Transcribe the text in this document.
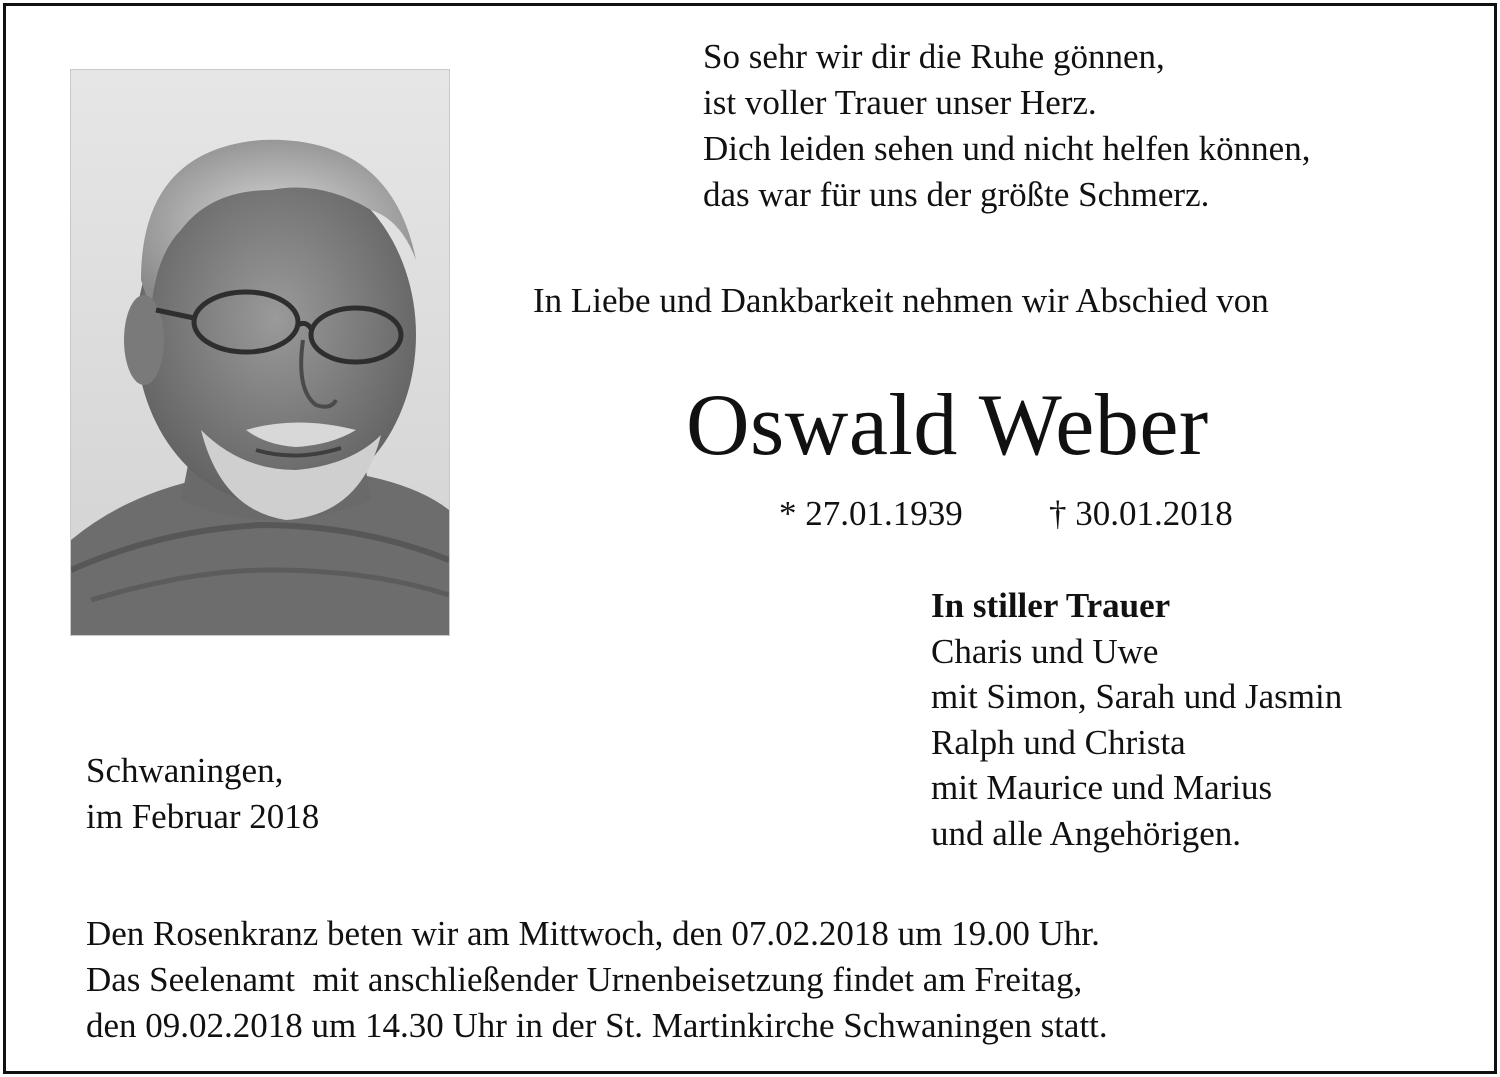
So sehr wir dir die Ruhe gönnen,
ist voller Trauer unser Herz.
Dich leiden sehen und nicht helfen können,
das war für uns der größte Schmerz.
In Liebe und Dankbarkeit nehmen wir Abschied von
Oswald Weber
* 27.01.1939 † 30.01.2018
In stiller Trauer
Charis und Uwe
mit Simon, Sarah und Jasmin
Ralph und Christa
mit Maurice und Marius
und alle Angehörigen.
Schwaningen,
im Februar 2018
Den Rosenkranz beten wir am Mittwoch, den 07.02.2018 um 19.00 Uhr.
Das Seelenamt  mit anschließender Urnenbeisetzung findet am Freitag,
den 09.02.2018 um 14.30 Uhr in der St. Martinkirche Schwaningen statt.
